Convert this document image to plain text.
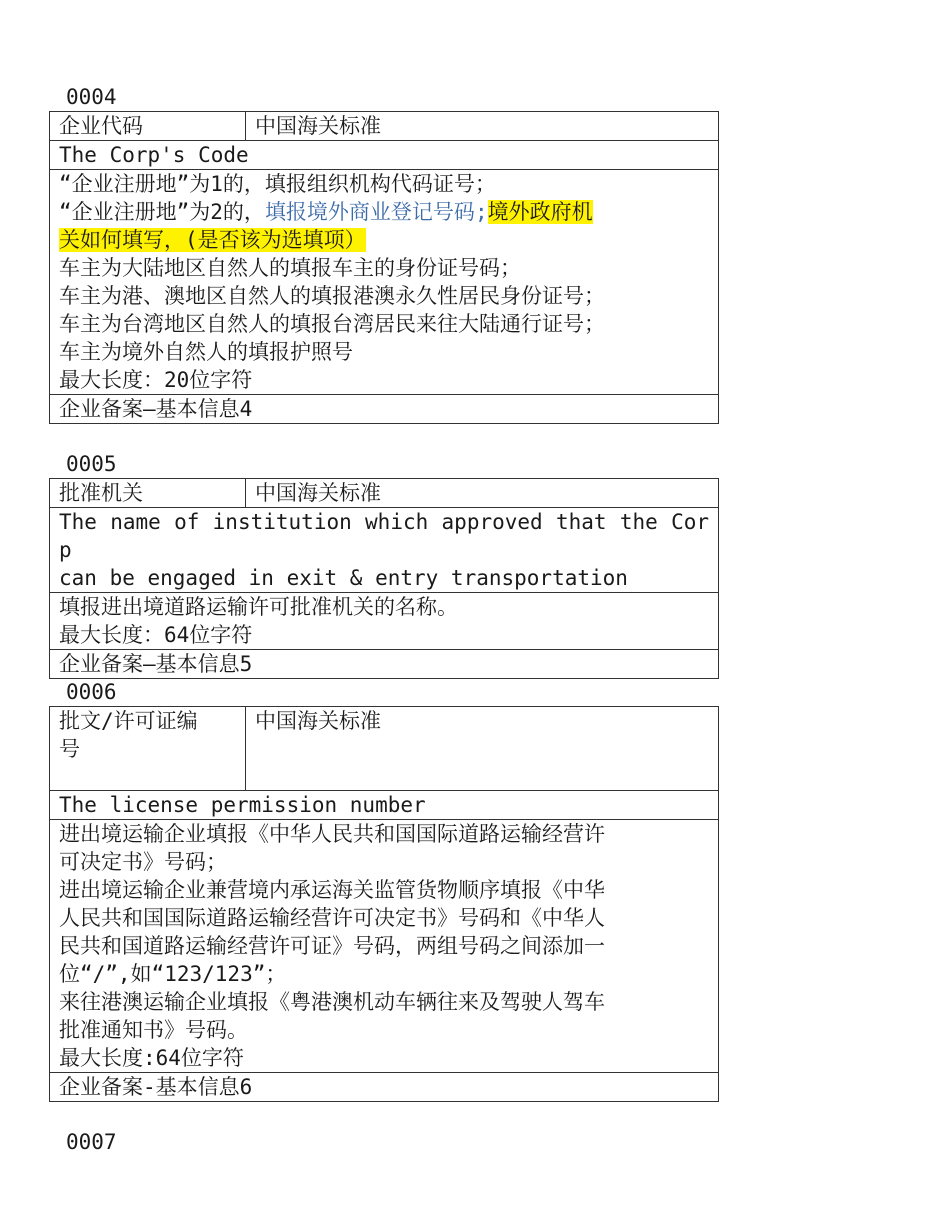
0004
企业代码	中国海关标准
The Corp's Code

“企业注册地”为1的，填报组织机构代码证号；
“企业注册地”为2的，填报境外商业登记号码;境外政府机
关如何填写，(是否该为选填项）
车主为大陆地区自然人的填报车主的身份证号码；
车主为港、澳地区自然人的填报港澳永久性居民身份证号；
车主为台湾地区自然人的填报台湾居民来往大陆通行证号；
车主为境外自然人的填报护照号
最大长度：20位字符

企业备案—基本信息4
0005
批准机关	中国海关标准

The name of institution which approved that the Corp
can be engaged in exit & entry transportation

填报进出境道路运输许可批准机关的名称。
最大长度：64位字符

企业备案—基本信息5
0006
批文/许可证编
号
	中国海关标准
The license permission number

进出境运输企业填报《中华人民共和国国际道路运输经营许
可决定书》号码；
进出境运输企业兼营境内承运海关监管货物顺序填报《中华
人民共和国国际道路运输经营许可决定书》号码和《中华人
民共和国道路运输经营许可证》号码，两组号码之间添加一
位“/”,如“123/123”；
来往港澳运输企业填报《粤港澳机动车辆往来及驾驶人驾车
批准通知书》号码。
最大长度:64位字符

企业备案-基本信息6
0007
